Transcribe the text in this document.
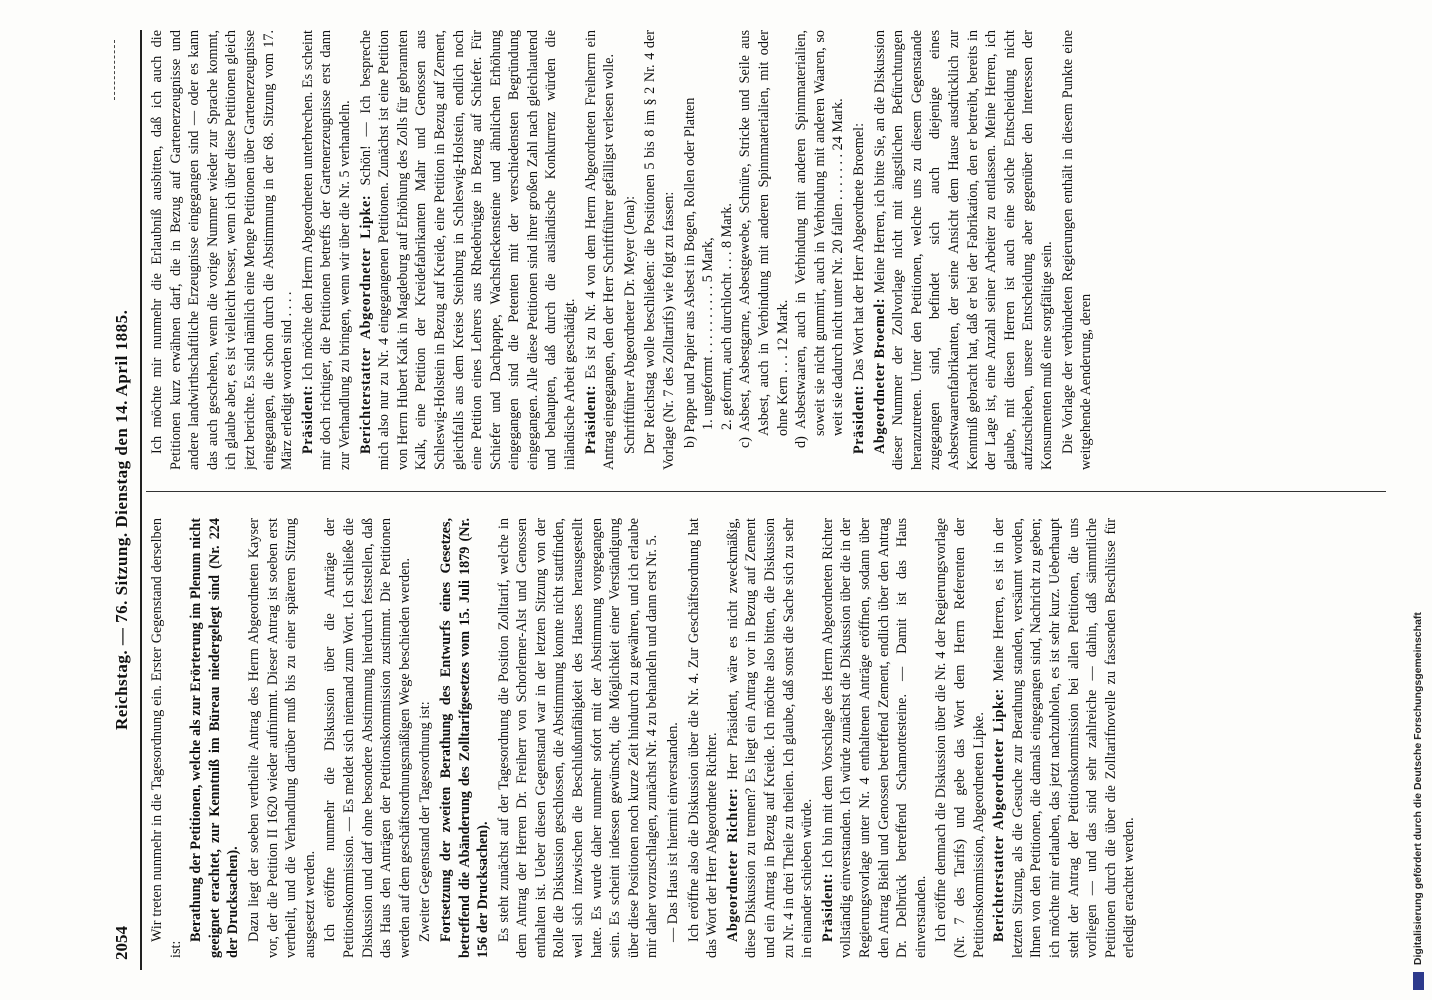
2054
Reichstag. — 76. Sitzung. Dienstag den 14. April 1885. Wir treten nunmehr in die Tagesordnung ein. Erster Gegenstand derselben ist:

Berathung der Petitionen, welche als zur Erörterung im Plenum nicht geeignet erachtet, zur Kenntniß im Büreau niedergelegt sind (Nr. 224 der Drucksachen). Dazu liegt der soeben vertheilte Antrag des Herrn Abgeordneten Kayser vor, der die Petition II 1620 wieder aufnimmt. Dieser Antrag ist soeben erst vertheilt, und die Verhandlung darüber muß bis zu einer späteren Sitzung ausgesetzt werden. Ich eröffne nunmehr die Diskussion über die Anträge der Petitionskommission. — Es meldet sich niemand zum Wort. Ich schließe die Diskussion und darf ohne besondere Abstimmung hierdurch feststellen, daß das Haus den Anträgen der Petitionskommission zustimmt. Die Petitionen werden auf dem geschäftsordnungsmäßigen Wege beschieden werden. Zweiter Gegenstand der Tagesordnung ist: Fortsetzung der zweiten Berathung des Entwurfs eines Gesetzes, betreffend die Abänderung des Zolltarifgesetzes vom 15. Juli 1879 (Nr. 156 der Drucksachen). Es steht zunächst auf der Tagesordnung die Position Zolltarif, welche in dem Antrag der Herren Dr. Freiherr von Schorlemer-Alst und Genossen enthalten ist. Ueber diesen Gegenstand war in der letzten Sitzung von der Rolle die Diskussion geschlossen, die Abstimmung konnte nicht stattfinden, weil sich inzwischen die Beschlußunfähigkeit des Hauses herausgestellt hatte. Es wurde daher nunmehr sofort mit der Abstimmung vorgegangen sein. Es scheint indessen gewünscht, die Möglichkeit einer Verständigung über diese Positionen noch kurze Zeit hindurch zu gewähren, und ich erlaube mir daher vorzuschlagen, zunächst Nr. 4 zu behandeln und dann erst Nr. 5. — Das Haus ist hiermit einverstanden. Ich eröffne also die Diskussion über die Nr. 4. Zur Geschäftsordnung hat das Wort der Herr Abgeordnete Richter. Abgeordneter Richter: Herr Präsident, wäre es nicht zweckmäßig, diese Diskussion zu trennen? Es liegt ein Antrag vor in Bezug auf Zement und ein Antrag in Bezug auf Kreide. Ich möchte also bitten, die Diskussion zu Nr. 4 in drei Theile zu theilen. Ich glaube, daß sonst die Sache sich zu sehr in einander schieben würde. Präsident: Ich bin mit dem Vorschlage des Herrn Abgeordneten Richter vollständig einverstanden. Ich würde zunächst die Diskussion über die in der Regierungsvorlage unter Nr. 4 enthaltenen Anträge eröffnen, sodann über den Antrag Biehl und Genossen betreffend Zement, endlich über den Antrag Dr. Delbrück betreffend Schamottesteine. — Damit ist das Haus einverstanden. Ich eröffne demnach die Diskussion über die Nr. 4 der Regierungsvorlage (Nr. 7 des Tarifs) und gebe das Wort dem Herrn Referenten der Petitionskommission, Abgeordneten Lipke. Berichterstatter Abgeordneter Lipke: Meine Herren, es ist in der letzten Sitzung, als die Gesuche zur Berathung standen, versäumt worden, Ihnen von den Petitionen, die damals eingegangen sind, Nachricht zu geben; ich möchte mir erlauben, das jetzt nachzuholen, es ist sehr kurz. Ueberhaupt steht der Antrag der Petitionskommission bei allen Petitionen, die uns vorliegen — und das sind sehr zahlreiche — dahin, daß sämmtliche Petitionen durch die über die Zolltarifnovelle zu fassenden Beschlüsse für erledigt erachtet werden.

Ich möchte mir nunmehr die Erlaubniß ausbitten, daß ich auch die Petitionen kurz erwähnen darf, die in Bezug auf Gartenerzeugnisse und andere landwirthschaftliche Erzeugnisse eingegangen sind — oder es kann das auch geschehen, wenn die vorige Nummer wieder zur Sprache kommt, ich glaube aber, es ist vielleicht besser, wenn ich über diese Petitionen gleich jetzt berichte. Es sind nämlich eine Menge Petitionen über Gartenerzeugnisse eingegangen, die schon durch die Abstimmung in der 68. Sitzung vom 17. März erledigt worden sind . . . . Präsident: Ich möchte den Herrn Abgeordneten unterbrechen. Es scheint mir doch richtiger, die Petitionen betreffs der Gartenerzeugnisse erst dann zur Verhandlung zu bringen, wenn wir über die Nr. 5 verhandeln. Berichterstatter Abgeordneter Lipke: Schön! — Ich bespreche mich also nur zu Nr. 4 eingegangenen Petitionen. Zunächst ist eine Petition von Herrn Hubert Kalk in Magdeburg auf Erhöhung des Zolls für gebrannten Kalk, eine Petition der Kreidefabrikanten Mahr und Genossen aus Schleswig-Holstein in Bezug auf Kreide, eine Petition in Bezug auf Zement, gleichfalls aus dem Kreise Steinburg in Schleswig-Holstein, endlich noch eine Petition eines Lehrers aus Rhedebrügge in Bezug auf Schiefer. Für Schiefer und Dachpappe, Wachsfleckensteine und ähnlichen Erhöhung eingegangen sind die Petenten mit der verschiedensten Begründung eingegangen. Alle diese Petitionen sind ihrer großen Zahl nach gleichlautend und behaupten, daß durch die ausländische Konkurrenz würden die inländische Arbeit geschädigt. Präsident: Es ist zu Nr. 4 von dem Herrn Abgeordneten Freiherrn ein Antrag eingegangen, den der Herr Schriftführer gefälligst verlesen wolle. Schriftführer Abgeordneter Dr. Meyer (Jena): Der Reichstag wolle beschließen: die Positionen 5 bis 8 im § 2 Nr. 4 der Vorlage (Nr. 7 des Zolltarifs) wie folgt zu fassen: b) Pappe und Papier aus Asbest in Bogen, Rollen oder Platten 1. ungeformt . . . . . . . . . . 5 Mark, 2. geformt, auch durchlocht . . . 8 Mark. c) Asbest, Asbestgarne, Asbestgewebe, Schnüre, Stricke und Seile aus Asbest, auch in Verbindung mit anderen Spinnmaterialien, mit oder ohne Kern . . . 12 Mark. d) Asbestwaaren, auch in Verbindung mit anderen Spinnmaterialien, soweit sie nicht gummirt, auch in Verbindung mit anderen Waaren, so weit sie dadurch nicht unter Nr. 20 fallen . . . . . . . 24 Mark. Präsident: Das Wort hat der Herr Abgeordnete Broemel: Abgeordneter Broemel: Meine Herren, ich bitte Sie, an die Diskussion dieser Nummer der Zollvorlage nicht mit ängstlichen Befürchtungen heranzutreten. Unter den Petitionen, welche uns zu diesem Gegenstande zugegangen sind, befindet sich auch diejenige eines Asbestwaarenfabrikanten, der seine Ansicht dem Hause ausdrücklich zur Kenntniß gebracht hat, daß er bei der Fabrikation, den er betreibt, bereits in der Lage ist, eine Anzahl seiner Arbeiter zu entlassen. Meine Herren, ich glaube, mit diesen Herren ist auch eine solche Entscheidung nicht aufzuschieben, unsere Entscheidung aber gegenüber den Interessen der Konsumenten muß eine sorgfältige sein. Die Vorlage der verbündeten Regierungen enthält in diesem Punkte eine weitgehende Aenderung, deren

Digitalisierung gefördert durch die Deutsche Forschungsgemeinschaft
